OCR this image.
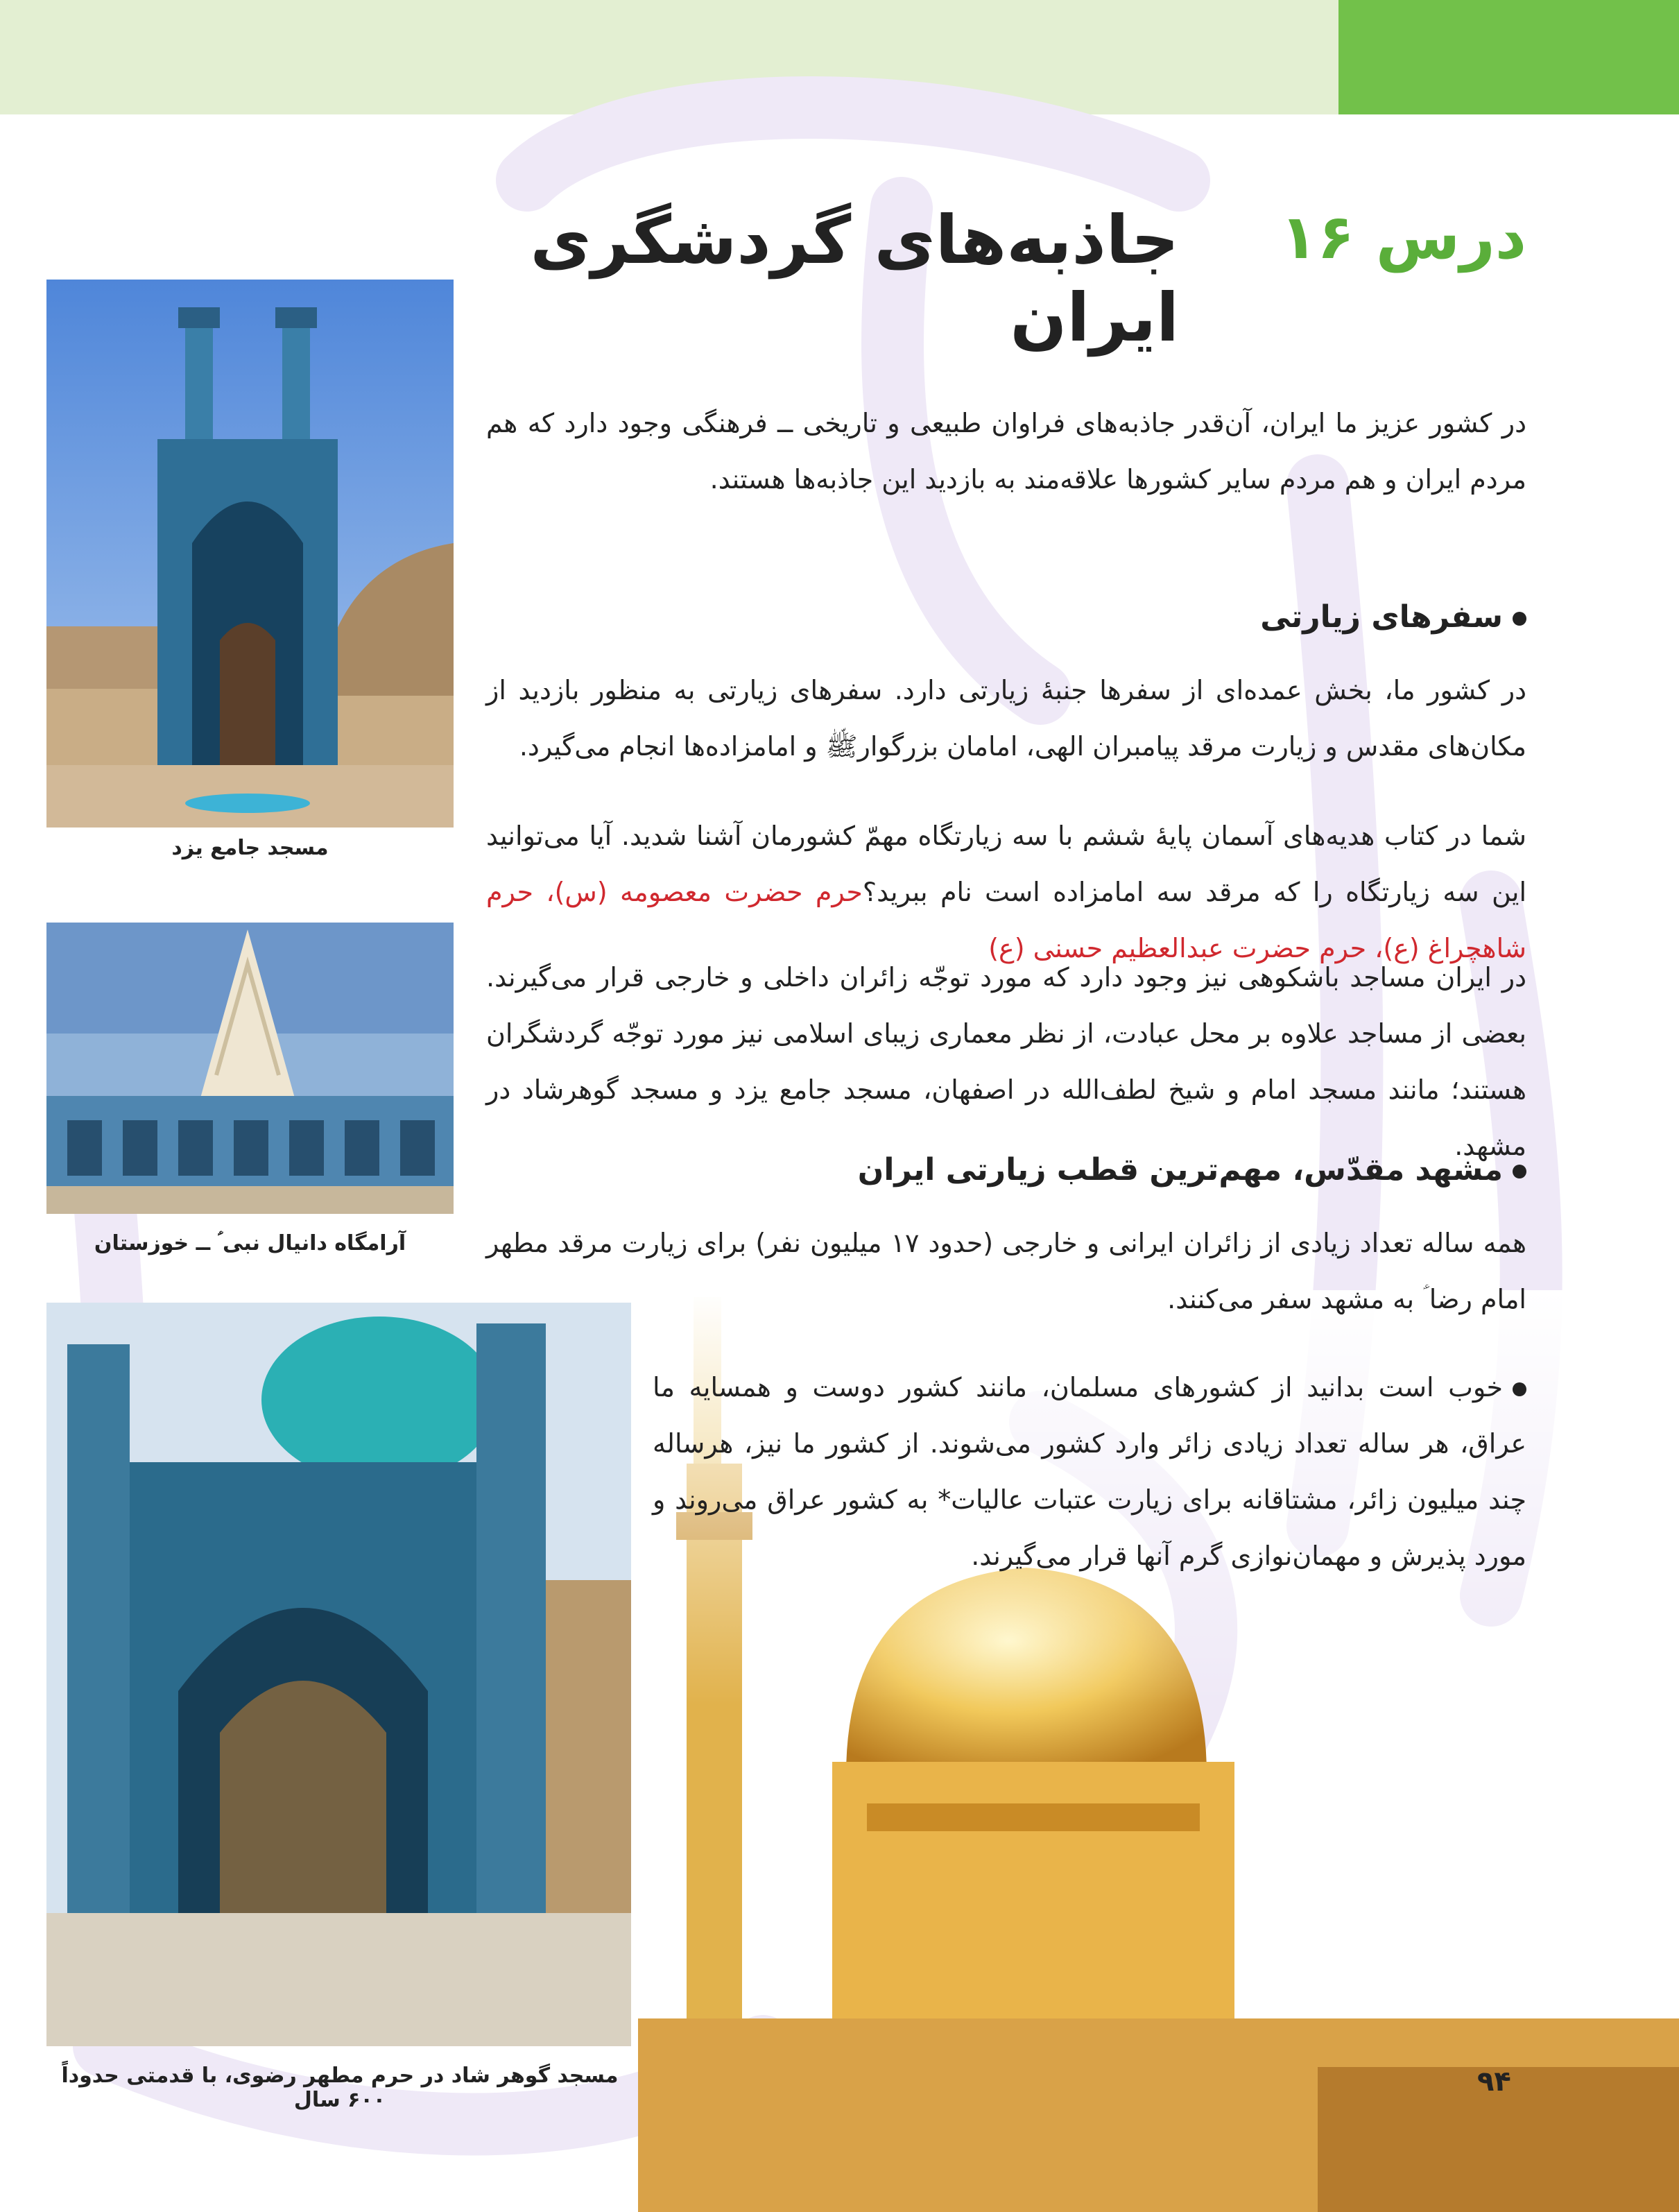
درس ۱۶
جاذبه‌های گردشگری ایران
مسجد جامع یزد
آرامگاه دانیال نبی ؑ ــ خوزستان
مسجد گوهر شاد در حرم مطهر رضوی، با قدمتی حدوداً ۶۰۰ سال
در کشور عزیز ما ایران، آن‌قدر جاذبه‌های فراوان طبیعی و تاریخی ــ فرهنگی وجود دارد که هم مردم ایران و هم مردم سایر کشورها علاقه‌مند به بازدید این جاذبه‌ها هستند.
سفرهای زیارتی
در کشور ما، بخش عمده‌ای از سفرها جنبهٔ زیارتی دارد. سفرهای زیارتی به منظور بازدید از مکان‌های مقدس و زیارت مرقد پیامبران الهی، امامان بزرگوار‌ﷺ و امامزاده‌ها انجام می‌گیرد.
شما در کتاب هدیه‌های آسمان پایهٔ ششم با سه زیارتگاه مهمّ کشورمان آشنا شدید. آیا می‌توانید این سه زیارتگاه را که مرقد سه امامزاده است نام ببرید؟حرم حضرت معصومه (س)، حرم شاهچراغ (ع)، حرم حضرت عبدالعظیم حسنی (ع)
در ایران مساجد باشکوهی نیز وجود دارد که مورد توجّه زائران داخلی و خارجی قرار می‌گیرند. بعضی از مساجد علاوه بر محل عبادت، از نظر معماری زیبای اسلامی نیز مورد توجّه گردشگران هستند؛ مانند مسجد امام و شیخ لطف‌الله در اصفهان، مسجد جامع یزد و مسجد گوهرشاد در مشهد.
مشهد مقدّس، مهم‌ترین قطب زیارتی ایران
همه ساله تعداد زیادی از زائران ایرانی و خارجی (حدود ۱۷ میلیون نفر) برای زیارت مرقد مطهر امام رضا ؑ به مشهد سفر می‌کنند.
خوب است بدانید از کشورهای مسلمان، مانند کشور دوست و همسایه ما عراق، هر ساله تعداد زیادی زائر وارد کشور می‌شوند. از کشور ما نیز، هرساله چند میلیون زائر، مشتاقانه برای زیارت عتبات عالیات* به کشور عراق می‌روند و مورد پذیرش و مهمان‌نوازی گرم آنها قرار می‌گیرند.
۹۴
